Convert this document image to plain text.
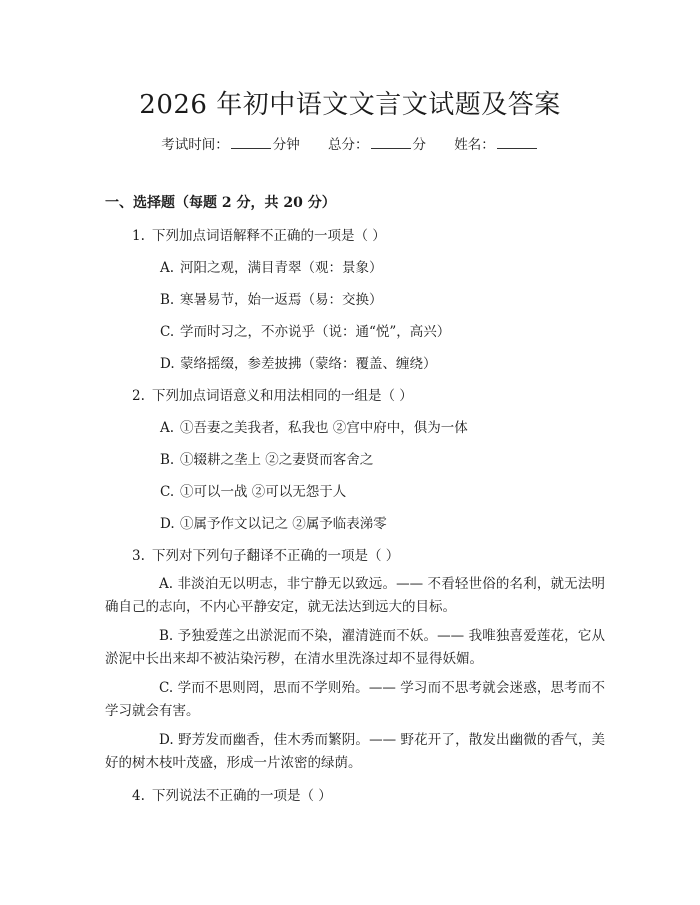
2026 年初中语文文言文试题及答案
考试时间：	分钟 总分：	分 姓名：
一、选择题（每题 2 分，共 20 分）
1. 下列加点词语解释不正确的一项是（ ）
A. 河阳之观，满目青翠（观：景象）
B. 寒暑易节，始一返焉（易：交换）
C. 学而时习之，不亦说乎（说：通“悦”，高兴）
D. 蒙络摇缀，参差披拂（蒙络：覆盖、缠绕）
2. 下列加点词语意义和用法相同的一组是（ ）
A. ①吾妻之美我者，私我也 ②宫中府中，俱为一体
B. ①辍耕之垄上 ②之妻贤而客舍之
C. ①可以一战 ②可以无怨于人
D. ①属予作文以记之 ②属予临表涕零
3. 下列对下列句子翻译不正确的一项是（ ）
A. 非淡泊无以明志，非宁静无以致远。—— 不看轻世俗的名利，就无法明确自己的志向，不内心平静安定，就无法达到远大的目标。
B. 予独爱莲之出淤泥而不染，濯清涟而不妖。—— 我唯独喜爱莲花，它从淤泥中长出来却不被沾染污秽，在清水里洗涤过却不显得妖媚。
C. 学而不思则罔，思而不学则殆。—— 学习而不思考就会迷惑，思考而不学习就会有害。
D. 野芳发而幽香，佳木秀而繁阴。—— 野花开了，散发出幽微的香气，美好的树木枝叶茂盛，形成一片浓密的绿荫。
4. 下列说法不正确的一项是（ ）
